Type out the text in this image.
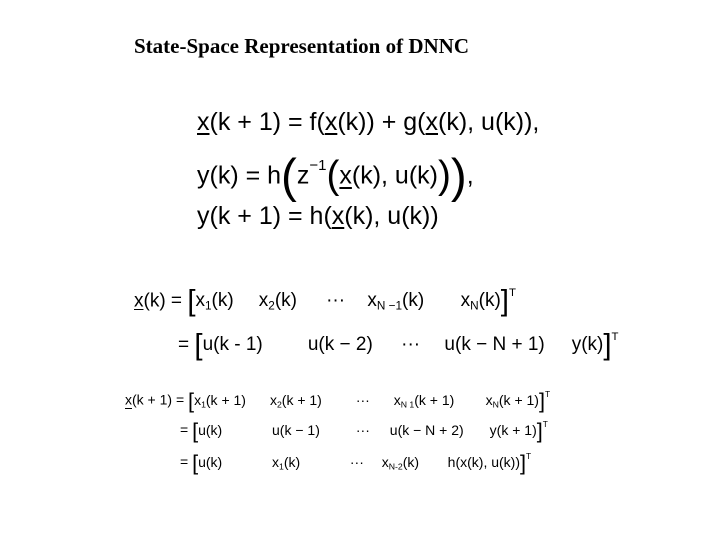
State-Space Representation of DNNC
x(k + 1) = f(x(k)) + g(x(k), u(k)),
$y(k) = h(z^{-1}(x(k)$, u(k))),
y(k + 1) = h(x(k), u(k))
$x(k) = [x_1(k)$ $x_2(k)$ ··· $x_{N -1}(k)$ $x_N(k)]^T$
= [u(k - 1) u(k − 2) ··· u(k − N + 1) y(k)]$^T$
$x(k + 1) = [x_1(k + 1) x_2(k + 1)$ ··· $x_{N 1}(k + 1) x_N(k + 1)]^T$
= [u(k)	u(k − 1)	··· u(k − N + 2) y(k + 1)]$^T$
= [u(k)	$x_1(k)$	··· $x_{N-2}(k)$ h(x(k), u(k))]$^T$
